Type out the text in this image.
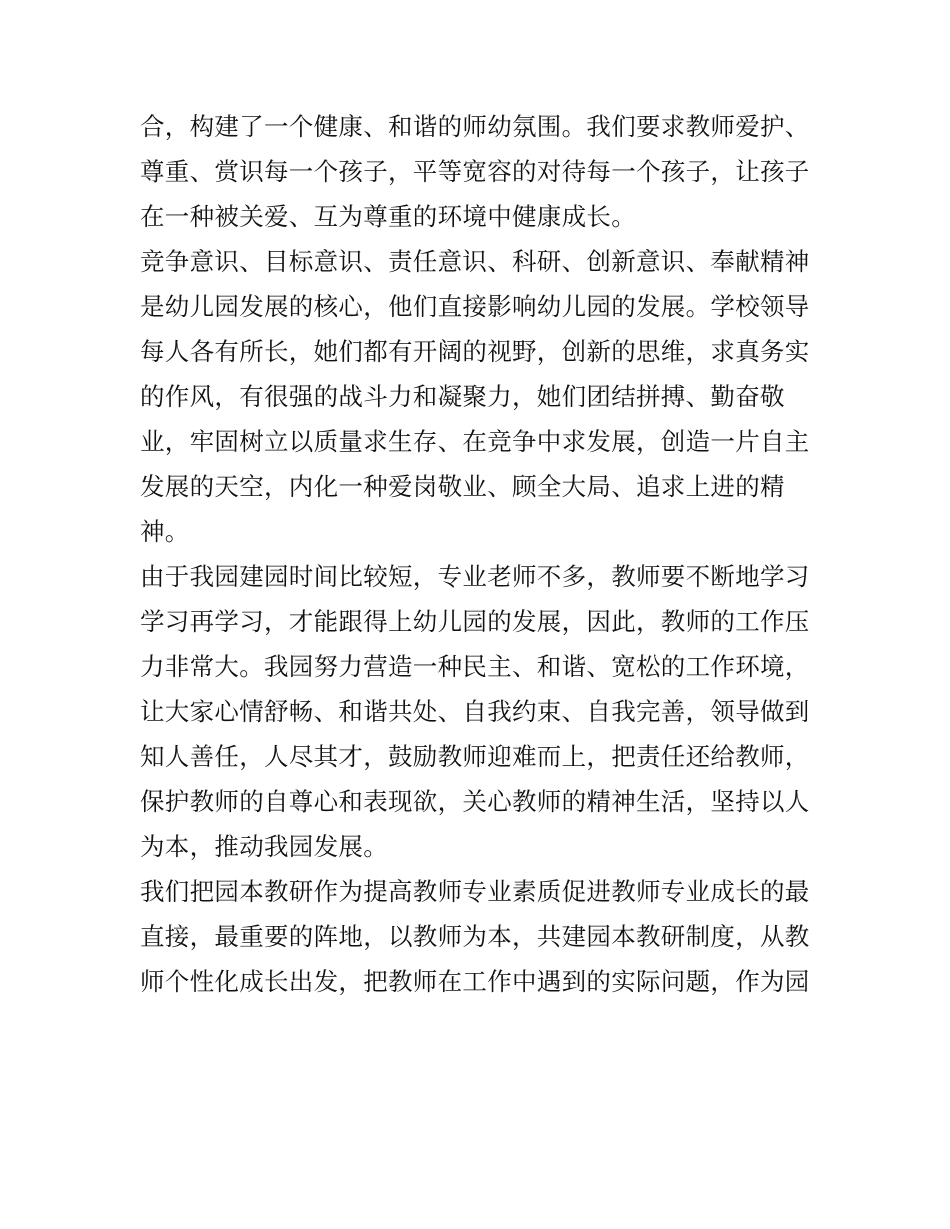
合，构建了一个健康、和谐的师幼氛围。我们要求教师爱护、
尊重、赏识每一个孩子，平等宽容的对待每一个孩子，让孩子
在一种被关爱、互为尊重的环境中健康成长。
竞争意识、目标意识、责任意识、科研、创新意识、奉献精神
是幼儿园发展的核心，他们直接影响幼儿园的发展。学校领导
每人各有所长，她们都有开阔的视野，创新的思维，求真务实
的作风，有很强的战斗力和凝聚力，她们团结拼搏、勤奋敬
业，牢固树立以质量求生存、在竞争中求发展，创造一片自主
发展的天空，内化一种爱岗敬业、顾全大局、追求上进的精
神。
由于我园建园时间比较短，专业老师不多，教师要不断地学习
学习再学习，才能跟得上幼儿园的发展，因此，教师的工作压
力非常大。我园努力营造一种民主、和谐、宽松的工作环境，
让大家心情舒畅、和谐共处、自我约束、自我完善，领导做到
知人善任，人尽其才，鼓励教师迎难而上，把责任还给教师，
保护教师的自尊心和表现欲，关心教师的精神生活，坚持以人
为本，推动我园发展。
我们把园本教研作为提高教师专业素质促进教师专业成长的最
直接，最重要的阵地，以教师为本，共建园本教研制度，从教
师个性化成长出发，把教师在工作中遇到的实际问题，作为园
